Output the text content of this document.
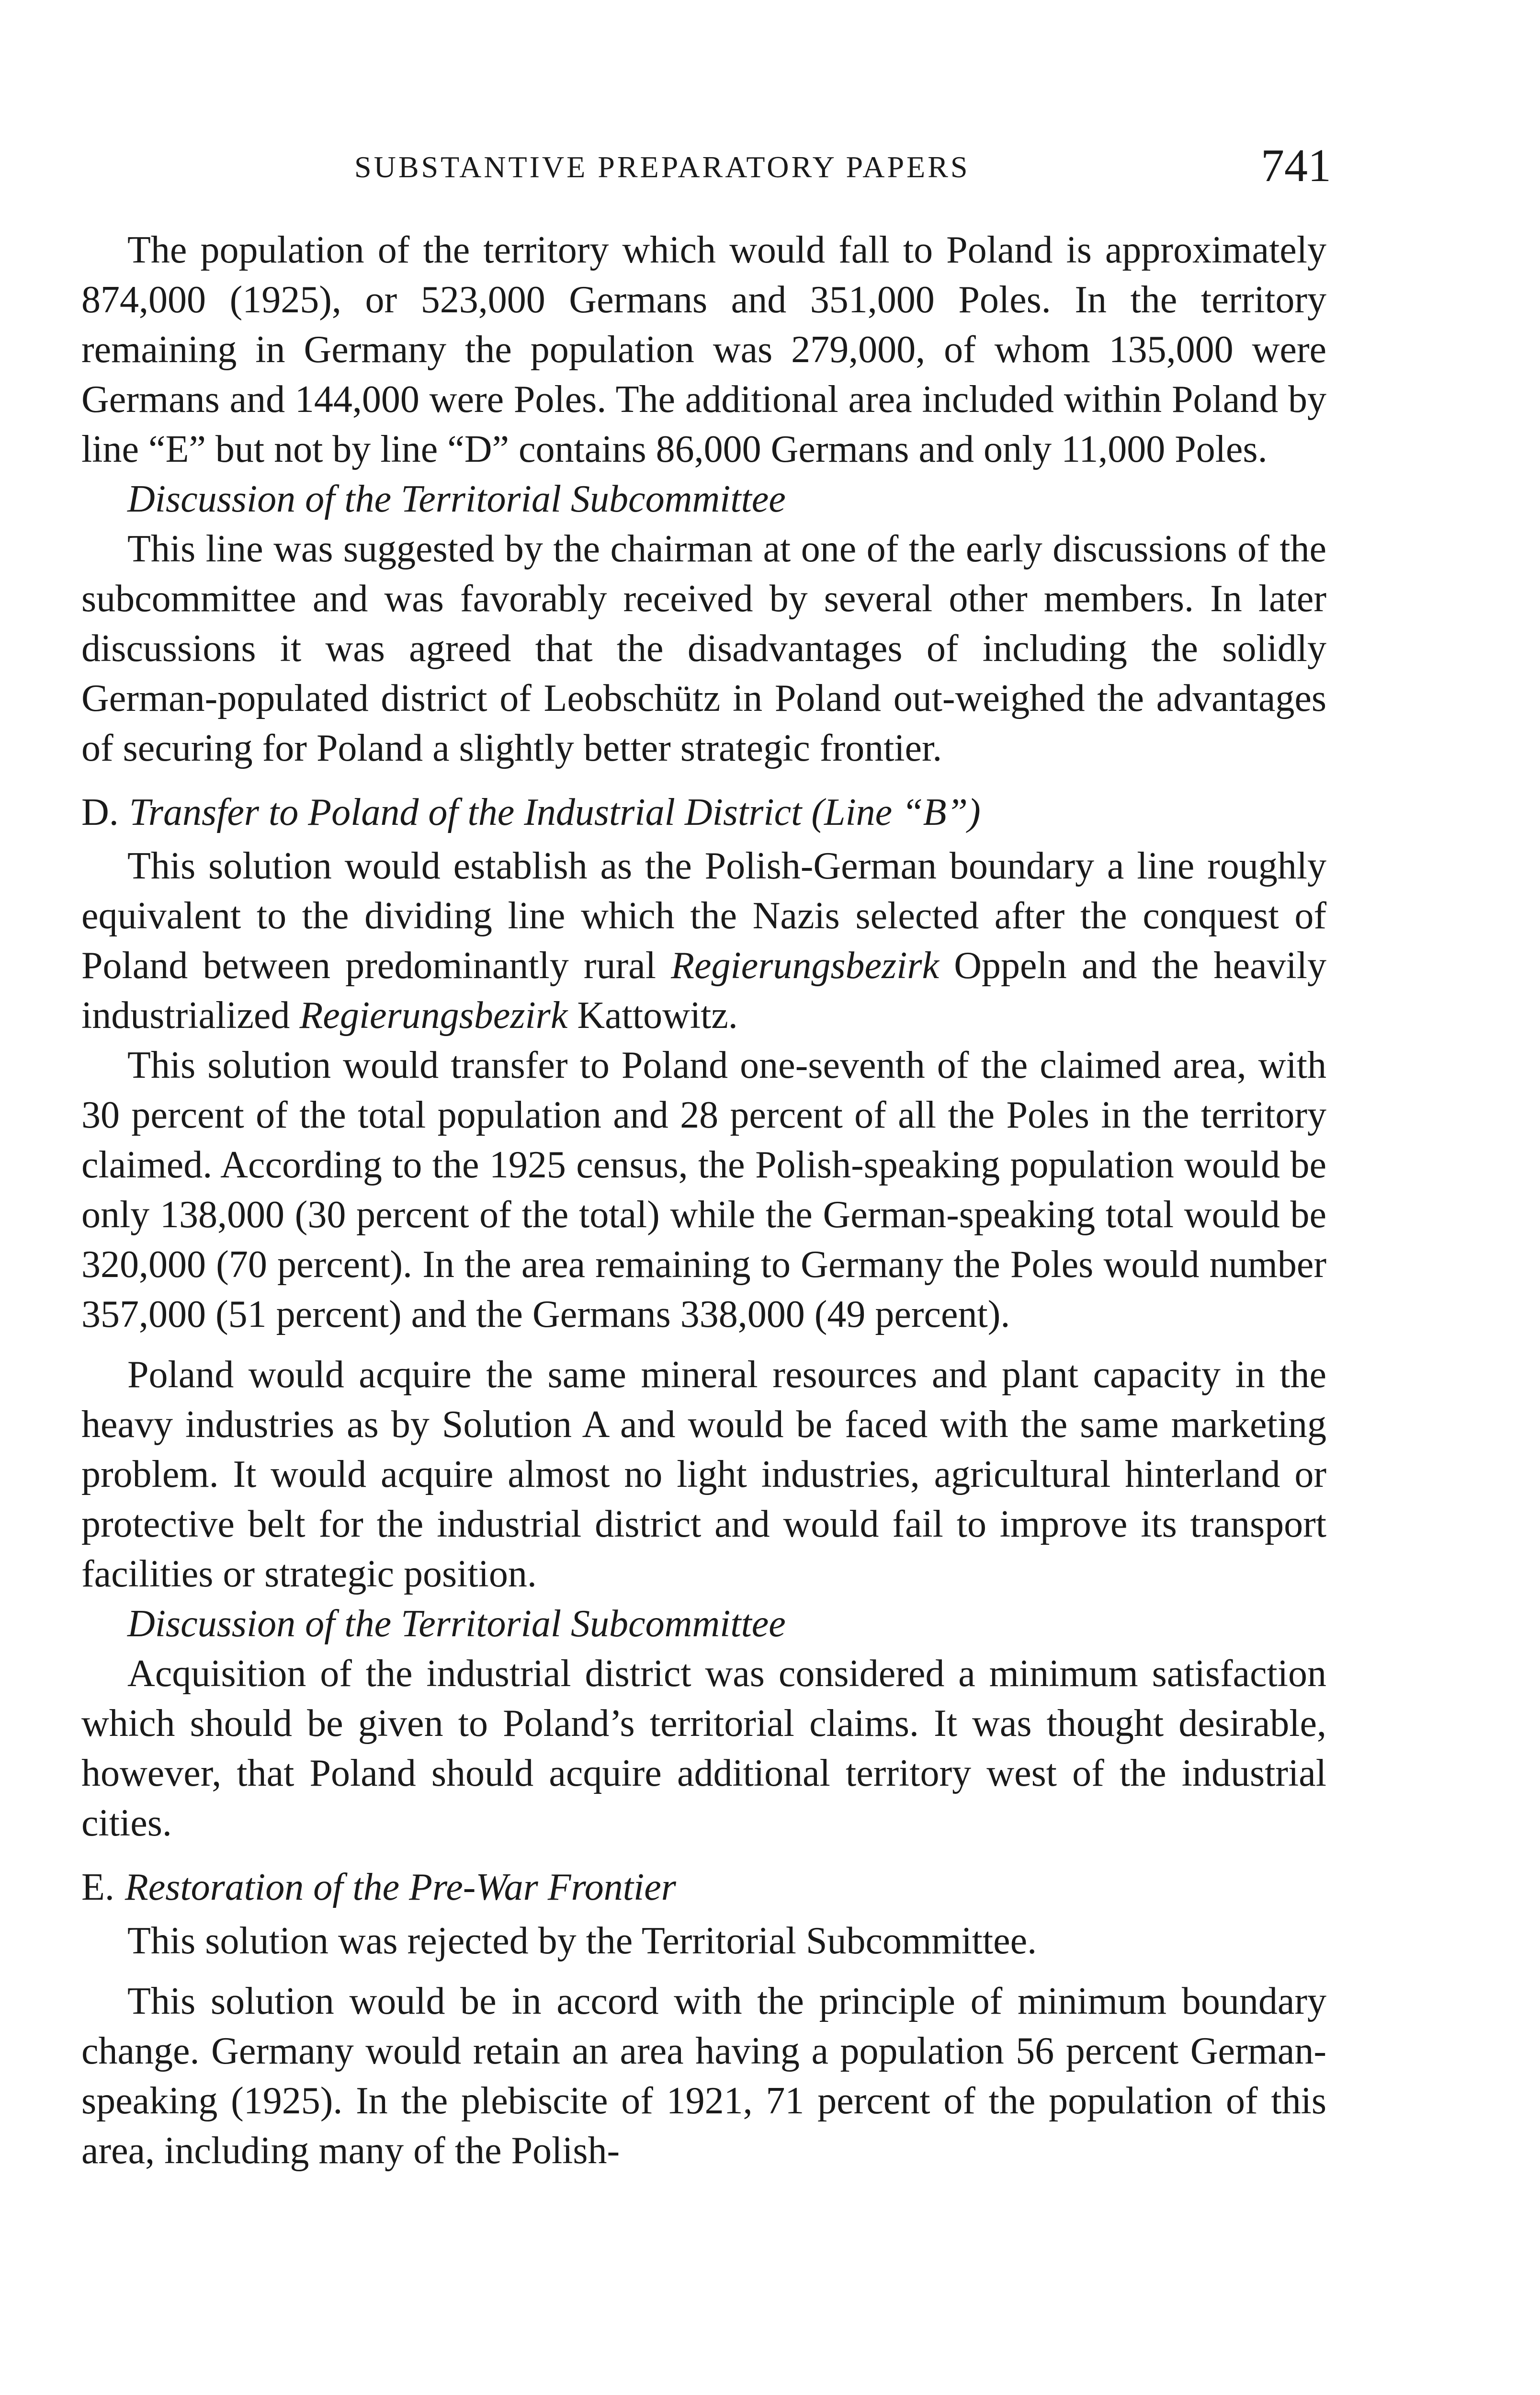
SUBSTANTIVE PREPARATORY PAPERS	741

The population of the territory which would fall to Poland is approximately 874,000 (1925), or 523,000 Germans and 351,000 Poles. In the territory remaining in Germany the population was 279,000, of whom 135,000 were Germans and 144,000 were Poles. The additional area included within Poland by line “E” but not by line “D” contains 86,000 Germans and only 11,000 Poles.

Discussion of the Territorial Subcommittee

This line was suggested by the chairman at one of the early discussions of the subcommittee and was favorably received by several other members. In later discussions it was agreed that the disadvantages of including the solidly German-populated district of Leobschütz in Poland out-weighed the advantages of securing for Poland a slightly better strategic frontier.

D. Transfer to Poland of the Industrial District (Line “B”)

This solution would establish as the Polish-German boundary a line roughly equivalent to the dividing line which the Nazis selected after the conquest of Poland between predominantly rural Regierungsbezirk Oppeln and the heavily industrialized Regierungsbezirk Kattowitz.

This solution would transfer to Poland one-seventh of the claimed area, with 30 percent of the total population and 28 percent of all the Poles in the territory claimed. According to the 1925 census, the Polish-speaking population would be only 138,000 (30 percent of the total) while the German-speaking total would be 320,000 (70 percent). In the area remaining to Germany the Poles would number 357,000 (51 percent) and the Germans 338,000 (49 percent).

Poland would acquire the same mineral resources and plant capacity in the heavy industries as by Solution A and would be faced with the same marketing problem. It would acquire almost no light industries, agricultural hinterland or protective belt for the industrial district and would fail to improve its transport facilities or strategic position.

Discussion of the Territorial Subcommittee

Acquisition of the industrial district was considered a minimum satisfaction which should be given to Poland’s territorial claims. It was thought desirable, however, that Poland should acquire additional territory west of the industrial cities.

E. Restoration of the Pre-War Frontier

This solution was rejected by the Territorial Subcommittee.

This solution would be in accord with the principle of minimum boundary change. Germany would retain an area having a population 56 percent German-speaking (1925). In the plebiscite of 1921, 71 percent of the population of this area, including many of the Polish-
